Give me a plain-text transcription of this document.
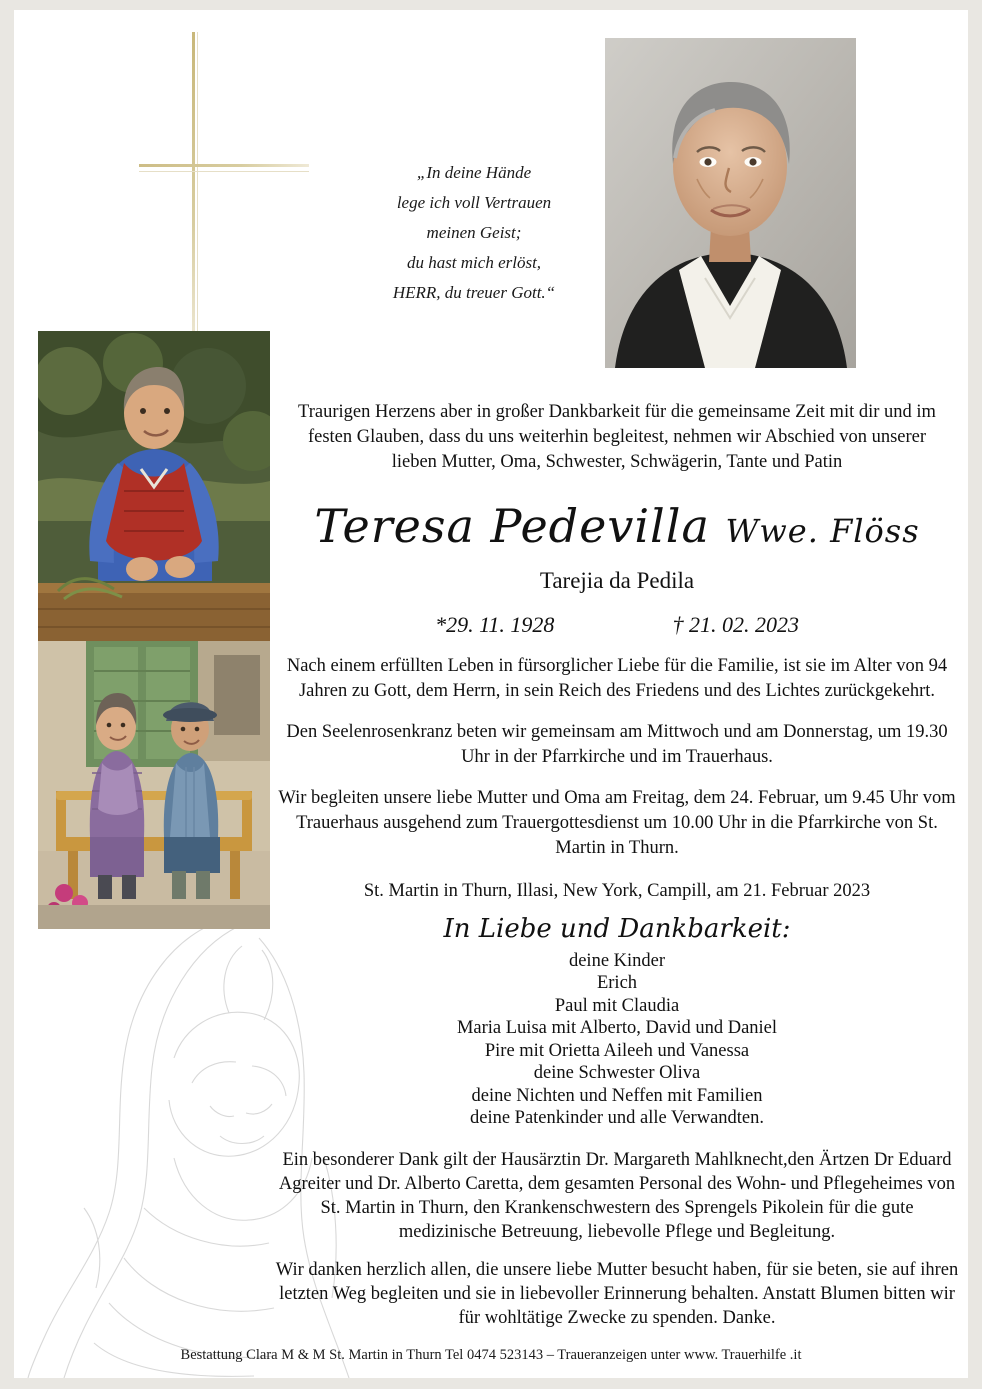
„In deine Hände
lege ich voll Vertrauen
meinen Geist;
du hast mich erlöst,
HERR, du treuer Gott.“
Traurigen Herzens aber in großer Dankbarkeit für die gemeinsame Zeit mit dir und im festen Glauben, dass du uns weiterhin begleitest, nehmen wir Abschied von unserer lieben Mutter, Oma, Schwester, Schwägerin, Tante und Patin
Teresa Pedevilla Wwe. Flöss
Tarejia da Pedila
*29. 11. 1928	† 21. 02. 2023
Nach einem erfüllten Leben in fürsorglicher Liebe für die Familie, ist sie im Alter von 94 Jahren zu Gott, dem Herrn, in sein Reich des Friedens und des Lichtes zurückgekehrt.
Den Seelenrosenkranz beten wir gemeinsam am Mittwoch und am Donnerstag, um 19.30 Uhr in der Pfarrkirche und im Trauerhaus.
Wir begleiten unsere liebe Mutter und Oma am Freitag, dem 24. Februar, um 9.45 Uhr vom Trauerhaus ausgehend zum Trauergottesdienst um 10.00 Uhr in die Pfarrkirche von St. Martin in Thurn.
St. Martin in Thurn, Illasi, New York, Campill, am 21. Februar 2023
In Liebe und Dankbarkeit:
deine Kinder
Erich
Paul mit Claudia
Maria Luisa mit Alberto, David und Daniel
Pire mit Orietta Aileeh und Vanessa
deine Schwester Oliva
deine Nichten und Neffen mit Familien
deine Patenkinder und alle Verwandten.
Ein besonderer Dank gilt der Hausärztin Dr. Margareth Mahlknecht,den Ärtzen Dr Eduard Agreiter und Dr. Alberto Caretta, dem gesamten Personal des Wohn- und Pflegeheimes von St. Martin in Thurn, den Krankenschwestern des Sprengels Pikolein für die gute medizinische Betreuung, liebevolle Pflege und Begleitung.
Wir danken herzlich allen, die unsere liebe Mutter besucht haben, für sie beten, sie auf ihren letzten Weg begleiten und sie in liebevoller Erinnerung behalten. Anstatt Blumen bitten wir für wohltätige Zwecke zu spenden. Danke.
Bestattung Clara M & M St. Martin in Thurn Tel 0474 523143 – Traueranzeigen unter www. Trauerhilfe .it
